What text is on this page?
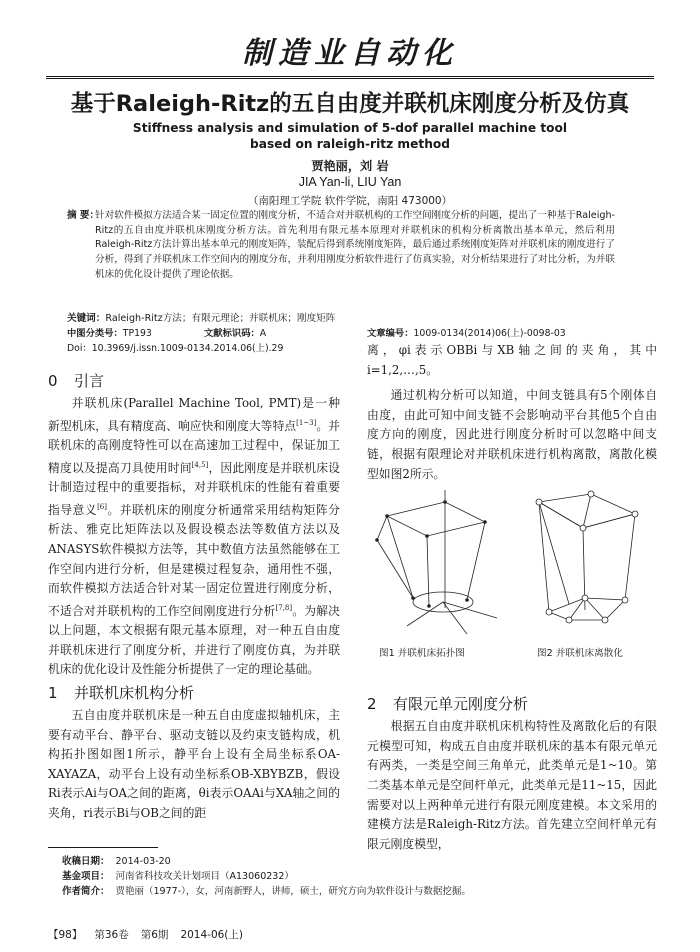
制造业自动化
基于Raleigh-Ritz的五自由度并联机床刚度分析及仿真
Stiffness analysis and simulation of 5-dof parallel machine tool
based on raleigh-ritz method
贾艳丽，刘 岩
JIA Yan-li, LIU Yan
（南阳理工学院 软件学院，南阳 473000）
摘 要：
针对软件模拟方法适合某一固定位置的刚度分析，不适合对并联机构的工作空间刚度分析的问题，提出了一种基于Raleigh-Ritz的五自由度并联机床刚度分析方法。首先利用有限元基本原理对并联机床的机构分析离散出基本单元，然后利用Raleigh-Ritz方法计算出基本单元的刚度矩阵，装配后得到系统刚度矩阵，最后通过系统刚度矩阵对并联机床的刚度进行了分析，得到了并联机床工作空间内的刚度分布，并利用刚度分析软件进行了仿真实验，对分析结果进行了对比分析，为并联机床的优化设计提供了理论依据。
关键词：Raleigh-Ritz方法；有限元理论；并联机床；刚度矩阵
中图分类号：TP193	文献标识码：A	文章编号：1009-0134(2014)06(上)-0098-03
Doi：10.3969/j.issn.1009-0134.2014.06(上).29
0 引言

并联机床(Parallel Machine Tool, PMT)是一种新型机床，具有精度高、响应快和刚度大等特点[1~3]。并联机床的高刚度特性可以在高速加工过程中，保证加工精度以及提高刀具使用时间[4,5]，因此刚度是并联机床设计制造过程中的重要指标，对并联机床的性能有着重要指导意义[6]。并联机床的刚度分析通常采用结构矩阵分析法、雅克比矩阵法以及假设模态法等数值方法以及ANASYS软件模拟方法等，其中数值方法虽然能够在工作空间内进行分析，但是建模过程复杂，通用性不强，而软件模拟方法适合针对某一固定位置进行刚度分析，不适合对并联机构的工作空间刚度进行分析[7,8]。为解决以上问题，本文根据有限元基本原理，对一种五自由度并联机床进行了刚度分析，并进行了刚度仿真，为并联机床的优化设计及性能分析提供了一定的理论基础。

1 并联机床机构分析

五自由度并联机床是一种五自由度虚拟轴机床，主要有动平台、静平台、驱动支链以及约束支链构成，机构拓扑图如图1所示，静平台上设有全局坐标系OA-XAYAZA，动平台上设有动坐标系OB-XBYBZB，假设Ri表示Ai与OA之间的距离，θi表示OAAi与XA轴之间的夹角，ri表示Bi与OB之间的距

离，φi表示OBBi与XB轴之间的夹角，其中i=1,2,…,5。

通过机构分析可以知道，中间支链具有5个刚体自由度，由此可知中间支链不会影响动平台其他5个自由度方向的刚度，因此进行刚度分析时可以忽略中间支链，根据有限理论对并联机床进行机构离散，离散化模型如图2所示。

图1 并联机床拓扑图	图2 并联机床离散化
2 有限元单元刚度分析

根据五自由度并联机床机构特性及离散化后的有限元模型可知，构成五自由度并联机床的基本有限元单元有两类，一类是空间三角单元，此类单元是1~10。第二类基本单元是空间杆单元，此类单元是11~15，因此需要对以上两种单元进行有限元刚度建模。本文采用的建模方法是Raleigh-Ritz方法。首先建立空间杆单元有限元刚度模型，

收稿日期： 2014-03-20
基金项目： 河南省科技攻关计划项目（A13060232）
作者简介： 贾艳丽（1977-），女，河南新野人，讲师，硕士，研究方向为软件设计与数据挖掘。
【98】 第36卷 第6期 2014-06(上)
